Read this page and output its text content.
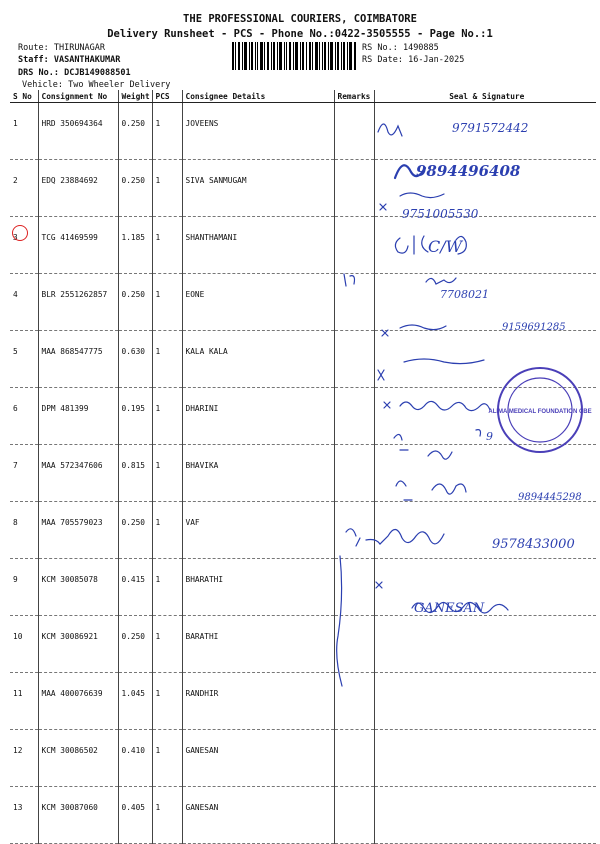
THE PROFESSIONAL COURIERS, COIMBATORE
Delivery Runsheet - PCS - Phone No.:0422-3505555 - Page No.:1
Route: THIRUNAGAR
Staff: VASANTHAKUMAR
DRS No.: DCJB149088501
Vehicle: Two Wheeler Delivery
RS No.: 1490885
RS Date: 16-Jan-2025
S No	Consignment No	Weight	PCS	Consignee Details	Remarks	Seal & Signature
1	HRD 350694364	0.250	1	JOVEENS		
2	EDQ 23884692	0.250	1	SIVA SANMUGAM		
3	TCG 41469599	1.185	1	SHANTHAMANI		
4	BLR 2551262857	0.250	1	EONE		
5	MAA 868547775	0.630	1	KALA KALA		
6	DPM 481399	0.195	1	DHARINI		
7	MAA 572347606	0.815	1	BHAVIKA		
8	MAA 705579023	0.250	1	VAF		
9	KCM 30085078	0.415	1	BHARATHI		
10	KCM 30086921	0.250	1	BARATHI		
11	MAA 400076639	1.045	1	RANDHIR		
12	KCM 30086502	0.410	1	GANESAN		
13	KCM 30087060	0.405	1	GANESAN		
9791572442
9894496408
9751005530
C/W
7708021
9159691285
9
9894445298
9578433000
GANESAN
ALIMA MEDICAL FOUNDATION CBE
